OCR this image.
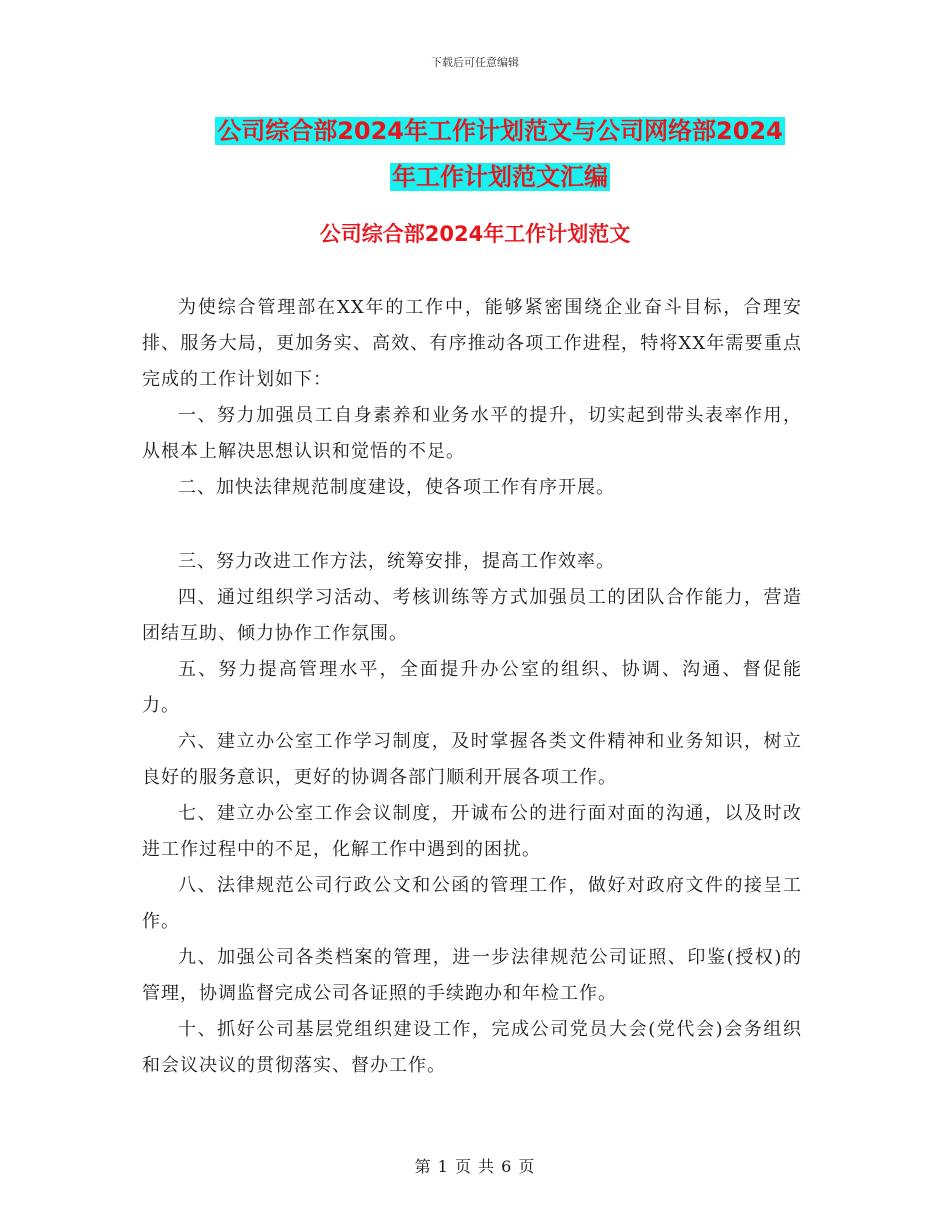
下载后可任意编辑
公司综合部2024年工作计划范文与公司网络部2024
年工作计划范文汇编
公司综合部2024年工作计划范文

为使综合管理部在XX年的工作中，能够紧密围绕企业奋斗目标，合理安排、服务大局，更加务实、高效、有序推动各项工作进程，特将XX年需要重点完成的工作计划如下：

一、努力加强员工自身素养和业务水平的提升，切实起到带头表率作用，从根本上解决思想认识和觉悟的不足。

二、加快法律规范制度建设，使各项工作有序开展。

三、努力改进工作方法，统筹安排，提高工作效率。

四、通过组织学习活动、考核训练等方式加强员工的团队合作能力，营造团结互助、倾力协作工作氛围。

五、努力提高管理水平，全面提升办公室的组织、协调、沟通、督促能力。

六、建立办公室工作学习制度，及时掌握各类文件精神和业务知识，树立良好的服务意识，更好的协调各部门顺利开展各项工作。

七、建立办公室工作会议制度，开诚布公的进行面对面的沟通，以及时改进工作过程中的不足，化解工作中遇到的困扰。

八、法律规范公司行政公文和公函的管理工作，做好对政府文件的接呈工作。

九、加强公司各类档案的管理，进一步法律规范公司证照、印鉴(授权)的管理，协调监督完成公司各证照的手续跑办和年检工作。

十、抓好公司基层党组织建设工作，完成公司党员大会(党代会)会务组织和会议决议的贯彻落实、督办工作。

第 1 页 共 6 页
